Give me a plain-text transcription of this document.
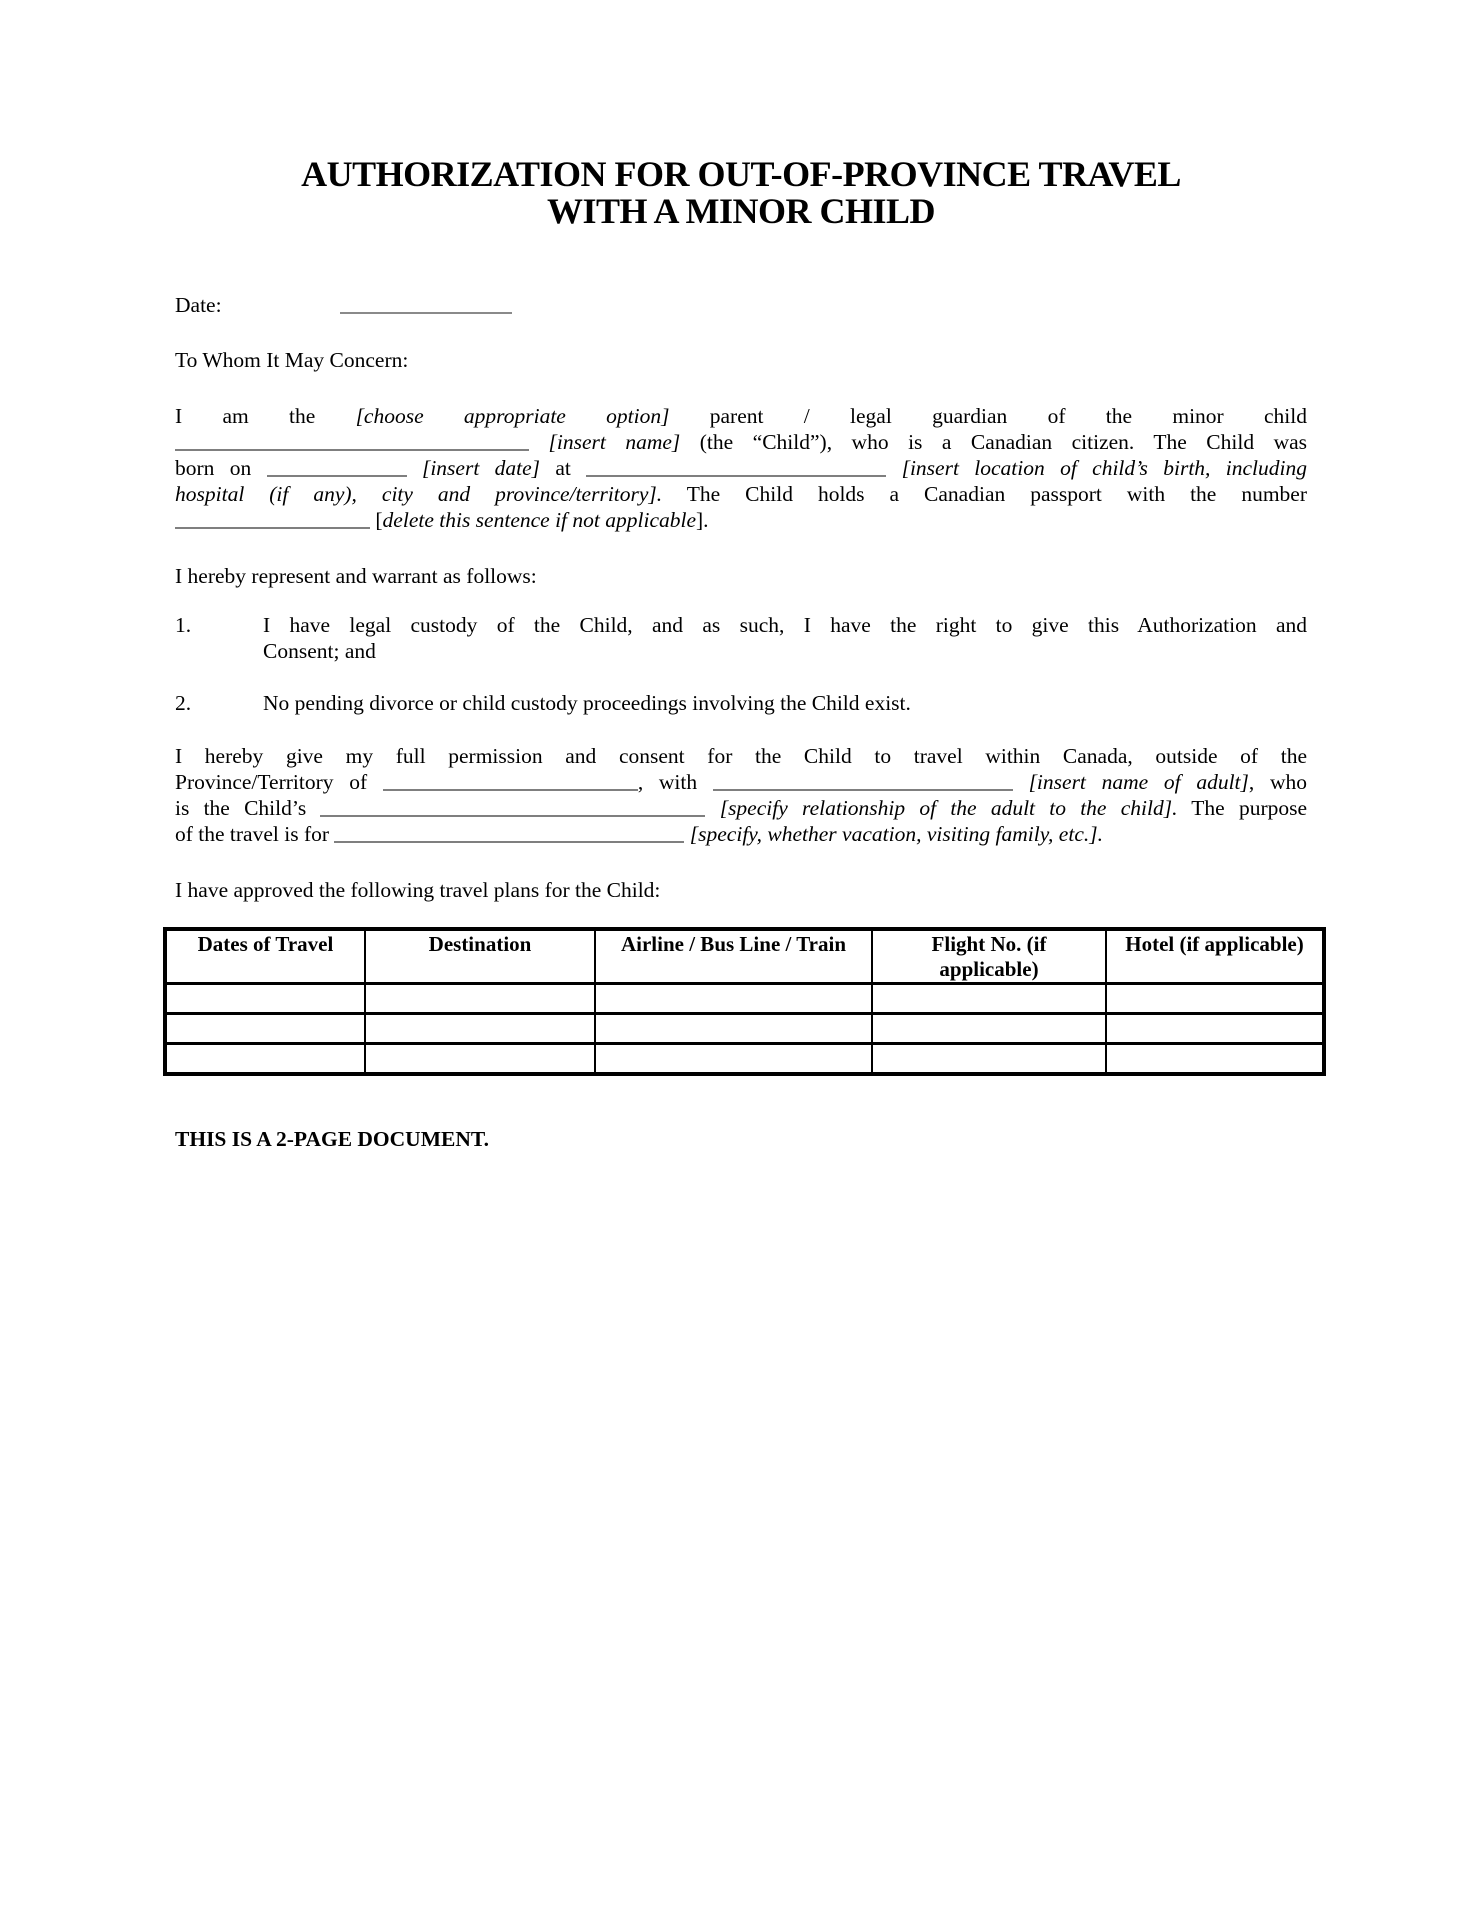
AUTHORIZATION FOR OUT-OF-PROVINCE TRAVEL
WITH A MINOR CHILD
Date:

To Whom It May Concern:

I am the [choose appropriate option] parent / legal guardian of the minor child
[insert name] (the “Child”), who is a Canadian citizen. The Child was
born on	[insert date] at	[insert location of child’s birth, including
hospital (if any), city and province/territory]. The Child holds a Canadian passport with the number
[delete this sentence if not applicable].

I hereby represent and warrant as follows:

1.	I have legal custody of the Child, and as such, I have the right to give this Authorization and
Consent; and
2.	No pending divorce or child custody proceedings involving the Child exist.
I hereby give my full permission and consent for the Child to travel within Canada, outside of the
Province/Territory of	, with	[insert name of adult], who
is the Child’s	[specify relationship of the adult to the child]. The purpose
of the travel is for	[specify, whether vacation, visiting family, etc.].

I have approved the following travel plans for the Child:

Dates of Travel	Destination	Airline / Bus Line / Train	Flight No. (if applicable)	Hotel (if applicable)

THIS IS A 2-PAGE DOCUMENT.
